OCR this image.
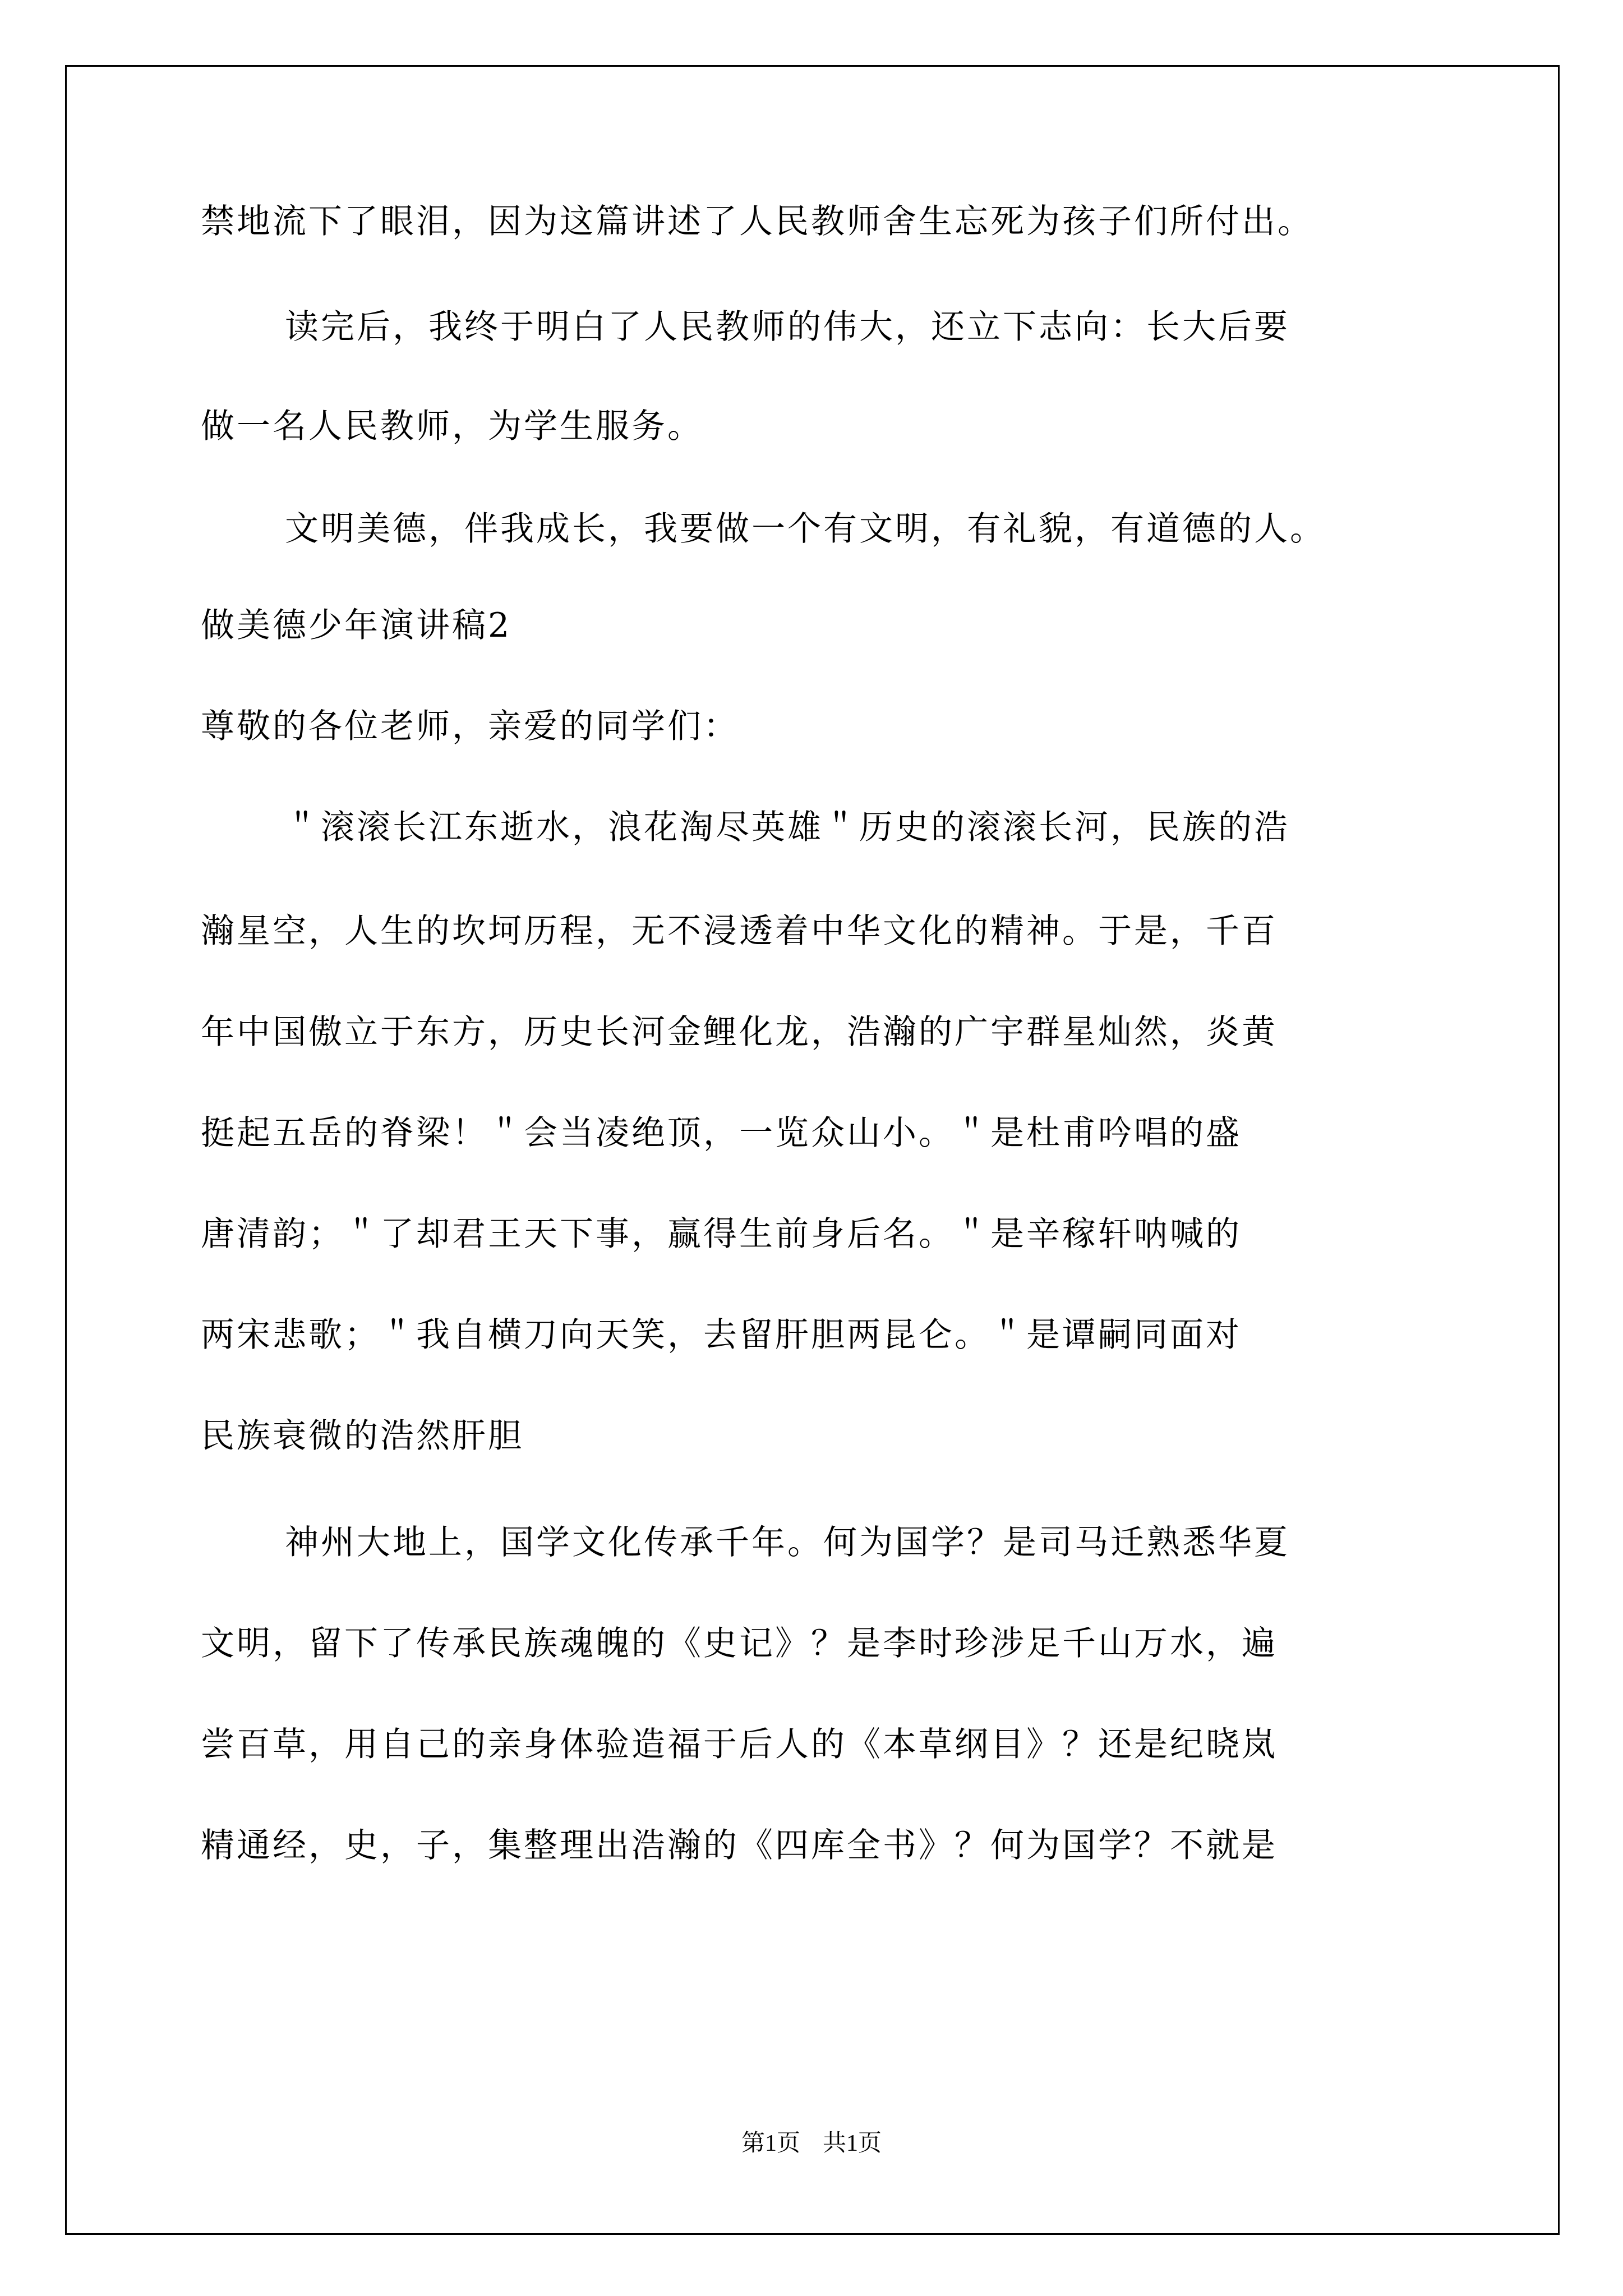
禁地流下了眼泪，因为这篇讲述了人民教师舍生忘死为孩子们所付出。
读完后，我终于明白了人民教师的伟大，还立下志向：长大后要
做一名人民教师，为学生服务。
文明美德，伴我成长，我要做一个有文明，有礼貌，有道德的人。
做美德少年演讲稿2
尊敬的各位老师，亲爱的同学们：
＂滚滚长江东逝水，浪花淘尽英雄＂历史的滚滚长河，民族的浩
瀚星空，人生的坎坷历程，无不浸透着中华文化的精神。于是，千百
年中国傲立于东方，历史长河金鲤化龙，浩瀚的广宇群星灿然，炎黄
挺起五岳的脊梁！＂会当凌绝顶，一览众山小。＂是杜甫吟唱的盛
唐清韵；＂了却君王天下事，赢得生前身后名。＂是辛稼轩呐喊的
两宋悲歌；＂我自横刀向天笑，去留肝胆两昆仑。＂是谭嗣同面对
民族衰微的浩然肝胆
神州大地上，国学文化传承千年。何为国学？是司马迁熟悉华夏
文明，留下了传承民族魂魄的《史记》？是李时珍涉足千山万水，遍
尝百草，用自己的亲身体验造福于后人的《本草纲目》？还是纪晓岚
精通经，史，子，集整理出浩瀚的《四库全书》？何为国学？不就是
第1页 共1页
